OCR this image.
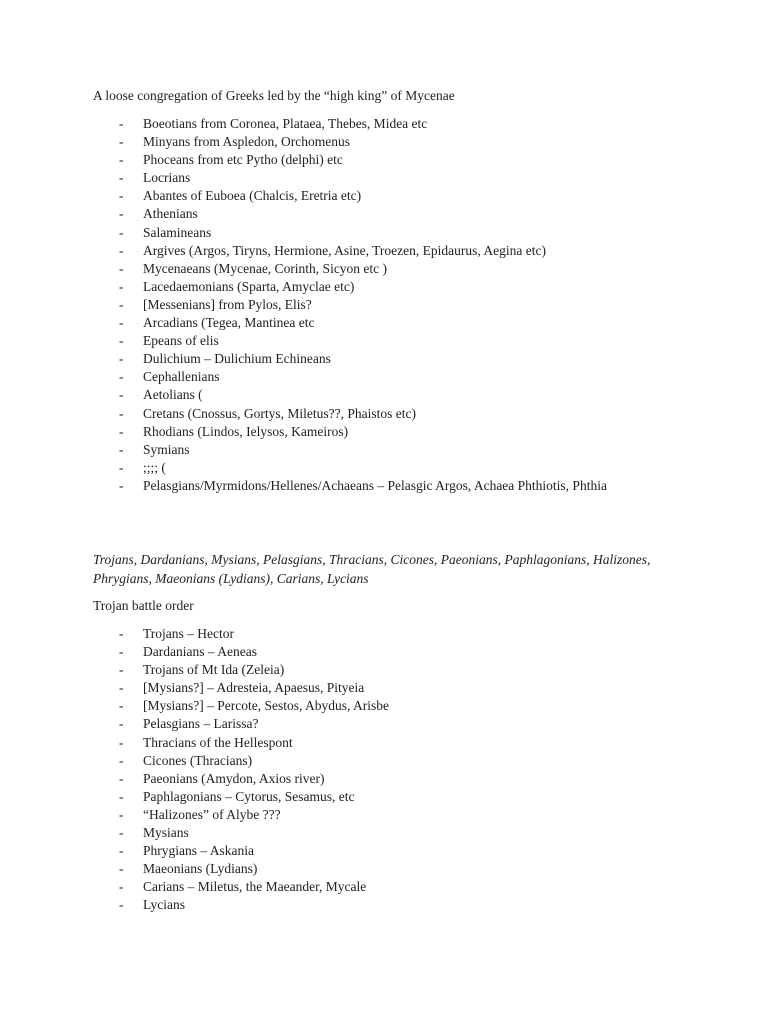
A loose congregation of Greeks led by the “high king” of Mycenae
- Boeotians from Coronea, Plataea, Thebes, Midea etc
- Minyans from Aspledon, Orchomenus
- Phoceans from etc Pytho (delphi) etc
- Locrians
- Abantes of Euboea (Chalcis, Eretria etc)
- Athenians
- Salamineans
- Argives (Argos, Tiryns, Hermione, Asine, Troezen, Epidaurus, Aegina etc)
- Mycenaeans (Mycenae, Corinth, Sicyon etc )
- Lacedaemonians (Sparta, Amyclae etc)
- [Messenians] from Pylos, Elis?
- Arcadians (Tegea, Mantinea etc
- Epeans of elis
- Dulichium – Dulichium Echineans
- Cephallenians
- Aetolians (
- Cretans (Cnossus, Gortys, Miletus??, Phaistos etc)
- Rhodians (Lindos, Ielysos, Kameiros)
- Symians
- ;;;; (
- Pelasgians/Myrmidons/Hellenes/Achaeans – Pelasgic Argos, Achaea Phthiotis, Phthia
Trojans, Dardanians, Mysians, Pelasgians, Thracians, Cicones, Paeonians, Paphlagonians, Halizones, Phrygians, Maeonians (Lydians), Carians, Lycians
Trojan battle order
- Trojans – Hector
- Dardanians – Aeneas
- Trojans of Mt Ida (Zeleia)
- [Mysians?] – Adresteia, Apaesus, Pityeia
- [Mysians?] – Percote, Sestos, Abydus, Arisbe
- Pelasgians – Larissa?
- Thracians of the Hellespont
- Cicones (Thracians)
- Paeonians (Amydon, Axios river)
- Paphlagonians – Cytorus, Sesamus, etc
- “Halizones” of Alybe ???
- Mysians
- Phrygians – Askania
- Maeonians (Lydians)
- Carians – Miletus, the Maeander, Mycale
- Lycians
